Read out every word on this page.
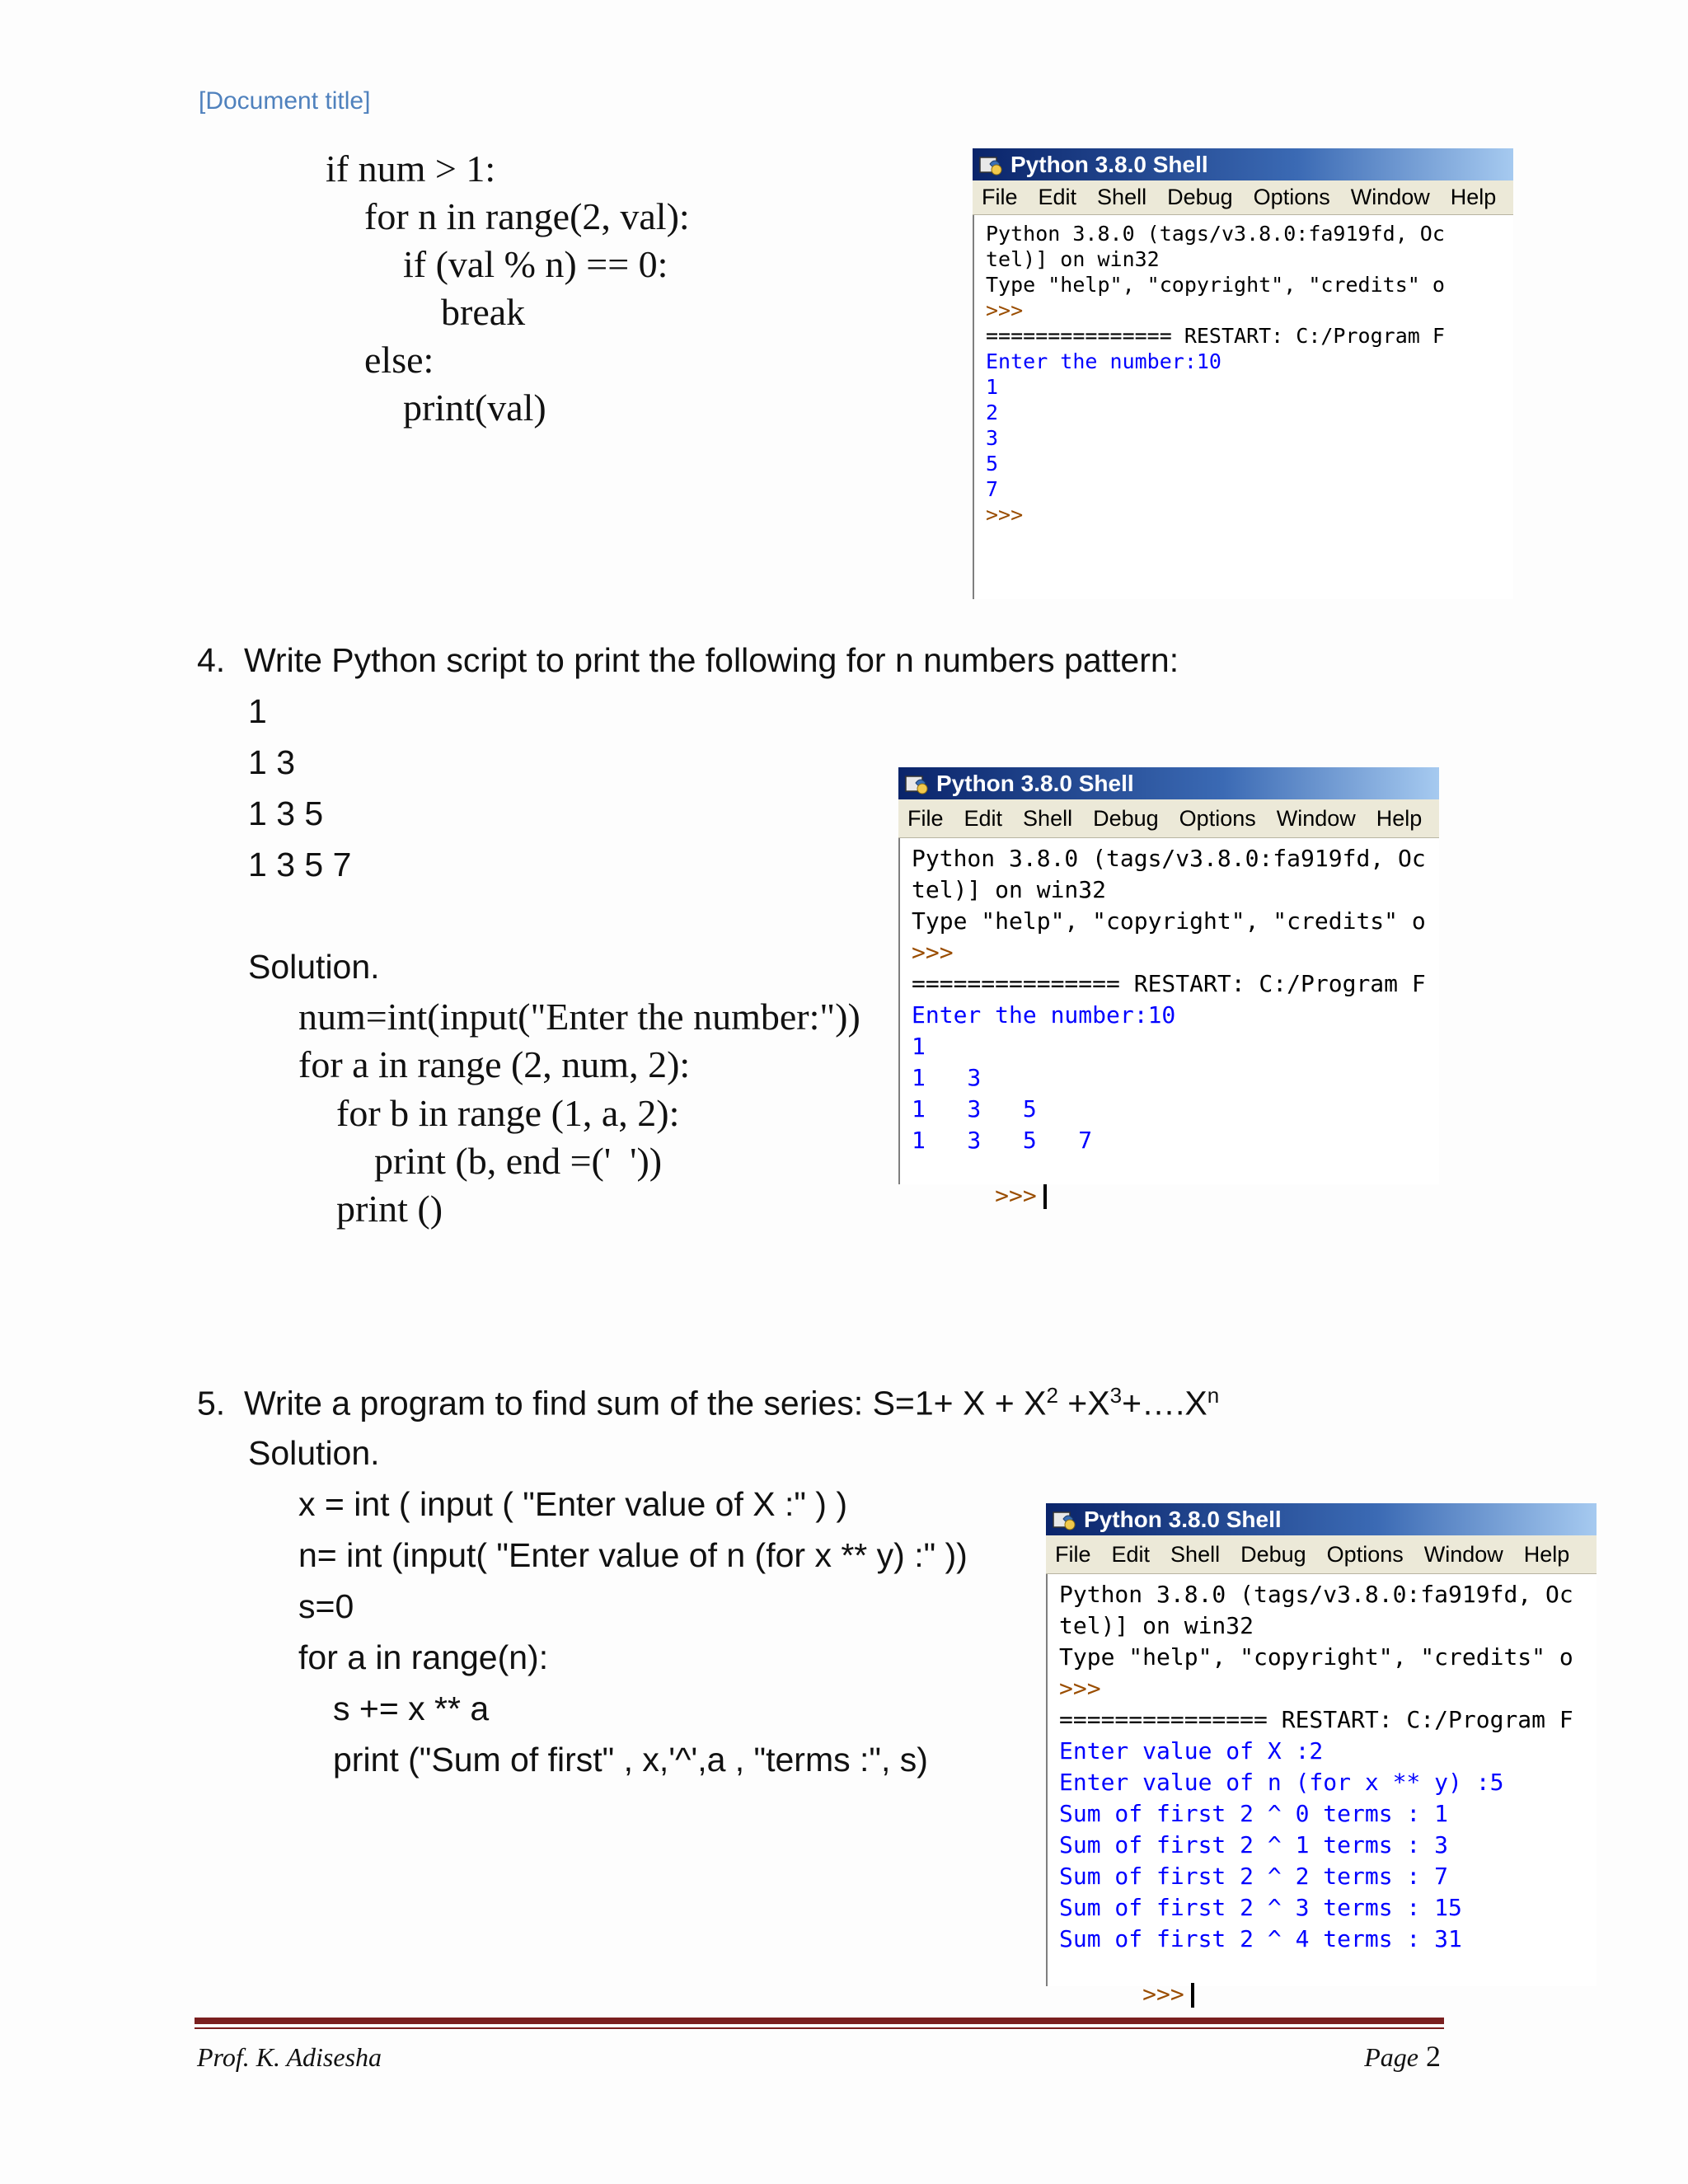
[Document title]
if num > 1:
for n in range(2, val):
if (val % n) == 0:
break
else:
print(val)
Python 3.8.0 Shell
File Edit Shell Debug Options Window Help
Python 3.8.0 (tags/v3.8.0:fa919fd, Oc
tel)] on win32
Type "help", "copyright", "credits" o
>>>
=============== RESTART: C:/Program F
Enter the number:10
1
2
3
5
7
>>>
4.  Write Python script to print the following for n numbers pattern:
1
1 3
1 3 5
1 3 5 7
Solution.
num=int(input("Enter the number:"))
for a in range (2, num, 2):
for b in range (1, a, 2):
print (b, end =('  '))
print ()
Python 3.8.0 Shell
File Edit Shell Debug Options Window Help
Python 3.8.0 (tags/v3.8.0:fa919fd, Oc
tel)] on win32
Type "help", "copyright", "credits" o
>>>
=============== RESTART: C:/Program F
Enter the number:10
1
1   3
1   3   5
1   3   5   7

>>>

5.  Write a program to find sum of the series: $S=1+ X + X^2$ $+X^3+\dots.X^n$
Solution.
x = int ( input ( "Enter value of X :" ) )
n= int (input( "Enter value of n (for x ** y) :" ))
s=0
for a in range(n):
s += x ** a
print ("Sum of first" , x,'^',a , "terms :", s)
Python 3.8.0 Shell
File Edit Shell Debug Options Window Help
Python 3.8.0 (tags/v3.8.0:fa919fd, Oc
tel)] on win32
Type "help", "copyright", "credits" o
>>>
=============== RESTART: C:/Program F
Enter value of X :2
Enter value of n (for x ** y) :5
Sum of first 2 ^ 0 terms : 1
Sum of first 2 ^ 1 terms : 3
Sum of first 2 ^ 2 terms : 7
Sum of first 2 ^ 3 terms : 15
Sum of first 2 ^ 4 terms : 31

>>>

Prof. K. Adisesha	Page 2
